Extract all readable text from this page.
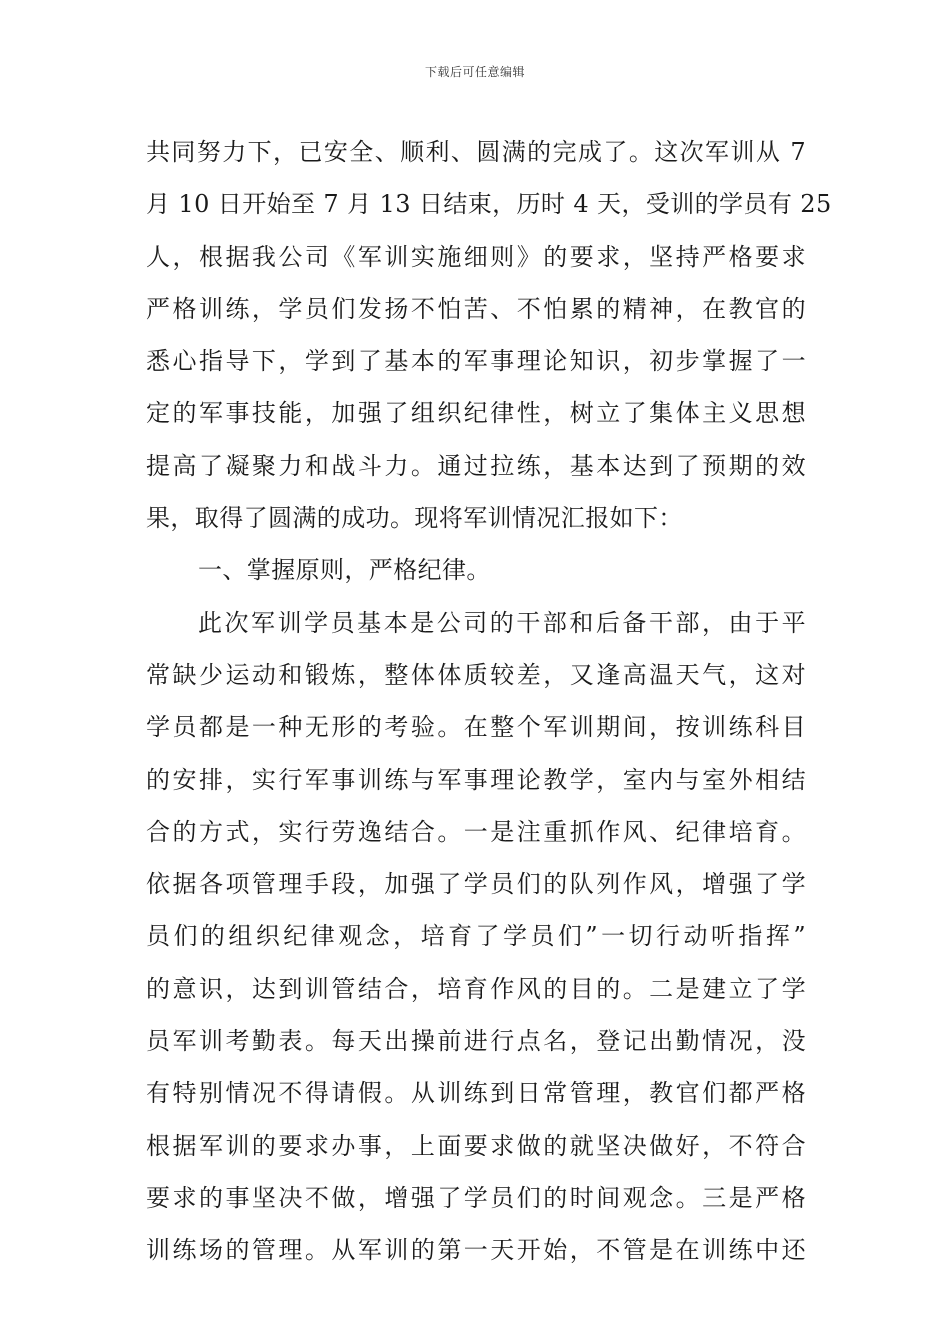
下载后可任意编辑
共同努力下，已安全、顺利、圆满的完成了。这次军训从 7
月 10 日开始至 7 月 13 日结束，历时 4 天，受训的学员有 25
人，根据我公司《军训实施细则》的要求，坚持严格要求
严格训练，学员们发扬不怕苦、不怕累的精神，在教官的
悉心指导下，学到了基本的军事理论知识，初步掌握了一
定的军事技能，加强了组织纪律性，树立了集体主义思想
提高了凝聚力和战斗力。通过拉练，基本达到了预期的效
果，取得了圆满的成功。现将军训情况汇报如下：
一、掌握原则，严格纪律。
此次军训学员基本是公司的干部和后备干部，由于平
常缺少运动和锻炼，整体体质较差，又逢高温天气，这对
学员都是一种无形的考验。在整个军训期间，按训练科目
的安排，实行军事训练与军事理论教学，室内与室外相结
合的方式，实行劳逸结合。一是注重抓作风、纪律培育。
依据各项管理手段，加强了学员们的队列作风，增强了学
员们的组织纪律观念，培育了学员们”一切行动听指挥”
的意识，达到训管结合，培育作风的目的。二是建立了学
员军训考勤表。每天出操前进行点名，登记出勤情况，没
有特别情况不得请假。从训练到日常管理，教官们都严格
根据军训的要求办事，上面要求做的就坚决做好，不符合
要求的事坚决不做，增强了学员们的时间观念。三是严格
训练场的管理。从军训的第一天开始，不管是在训练中还
